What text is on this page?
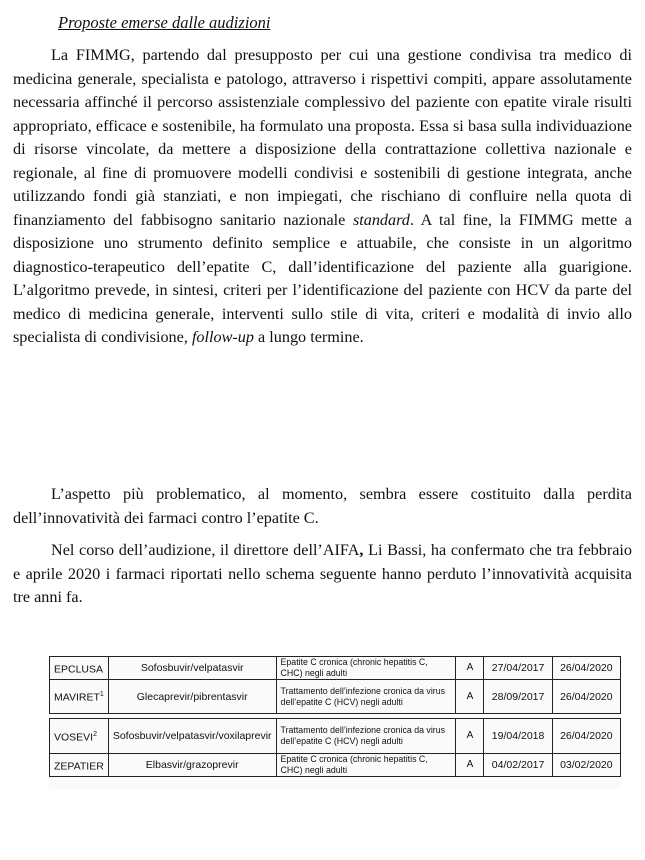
Proposte emerse dalle audizioni

La FIMMG, partendo dal presupposto per cui una gestione condivisa tra medico di medicina generale, specialista e patologo, attraverso i rispettivi compiti, appare assolutamente necessaria affinché il percorso assistenziale complessivo del paziente con epatite virale risulti appropriato, efficace e sostenibile, ha formulato una proposta. Essa si basa sulla individuazione di risorse vincolate, da mettere a disposizione della contrattazione collettiva nazionale e regionale, al fine di promuovere modelli condivisi e sostenibili di gestione integrata, anche utilizzando fondi già stanziati, e non impiegati, che rischiano di confluire nella quota di finanziamento del fabbisogno sanitario nazionale standard. A tal fine, la FIMMG mette a disposizione uno strumento definito semplice e attuabile, che consiste in un algoritmo diagnostico-terapeutico dell’epatite C, dall’identificazione del paziente alla guarigione. L’algoritmo prevede, in sintesi, criteri per l’identificazione del paziente con HCV da parte del medico di medicina generale, interventi sullo stile di vita, criteri e modalità di invio allo specialista di condivisione, follow-up a lungo termine.

L’aspetto più problematico, al momento, sembra essere costituito dalla perdita dell’innovatività dei farmaci contro l’epatite C.

Nel corso dell’audizione, il direttore dell’AIFA, Li Bassi, ha confermato che tra febbraio e aprile 2020 i farmaci riportati nello schema seguente hanno perduto l’innovatività acquisita tre anni fa.

EPCLUSA	Sofosbuvir/velpatasvir	Epatite C cronica (chronic hepatitis C, CHC) negli adulti	A	27/04/2017	26/04/2020
MAVIRET$^1$	Glecaprevir/pibrentasvir	Trattamento dell’infezione cronica da virus dell’epatite C (HCV) negli adulti	A	28/09/2017	26/04/2020

VOSEVI$^2$	Sofosbuvir/velpatasvir/voxilaprevir	Trattamento dell’infezione cronica da virus dell’epatite C (HCV) negli adulti	A	19/04/2018	26/04/2020
ZEPATIER	Elbasvir/grazoprevir	Epatite C cronica (chronic hepatitis C, CHC) negli adulti	A	04/02/2017	03/02/2020
